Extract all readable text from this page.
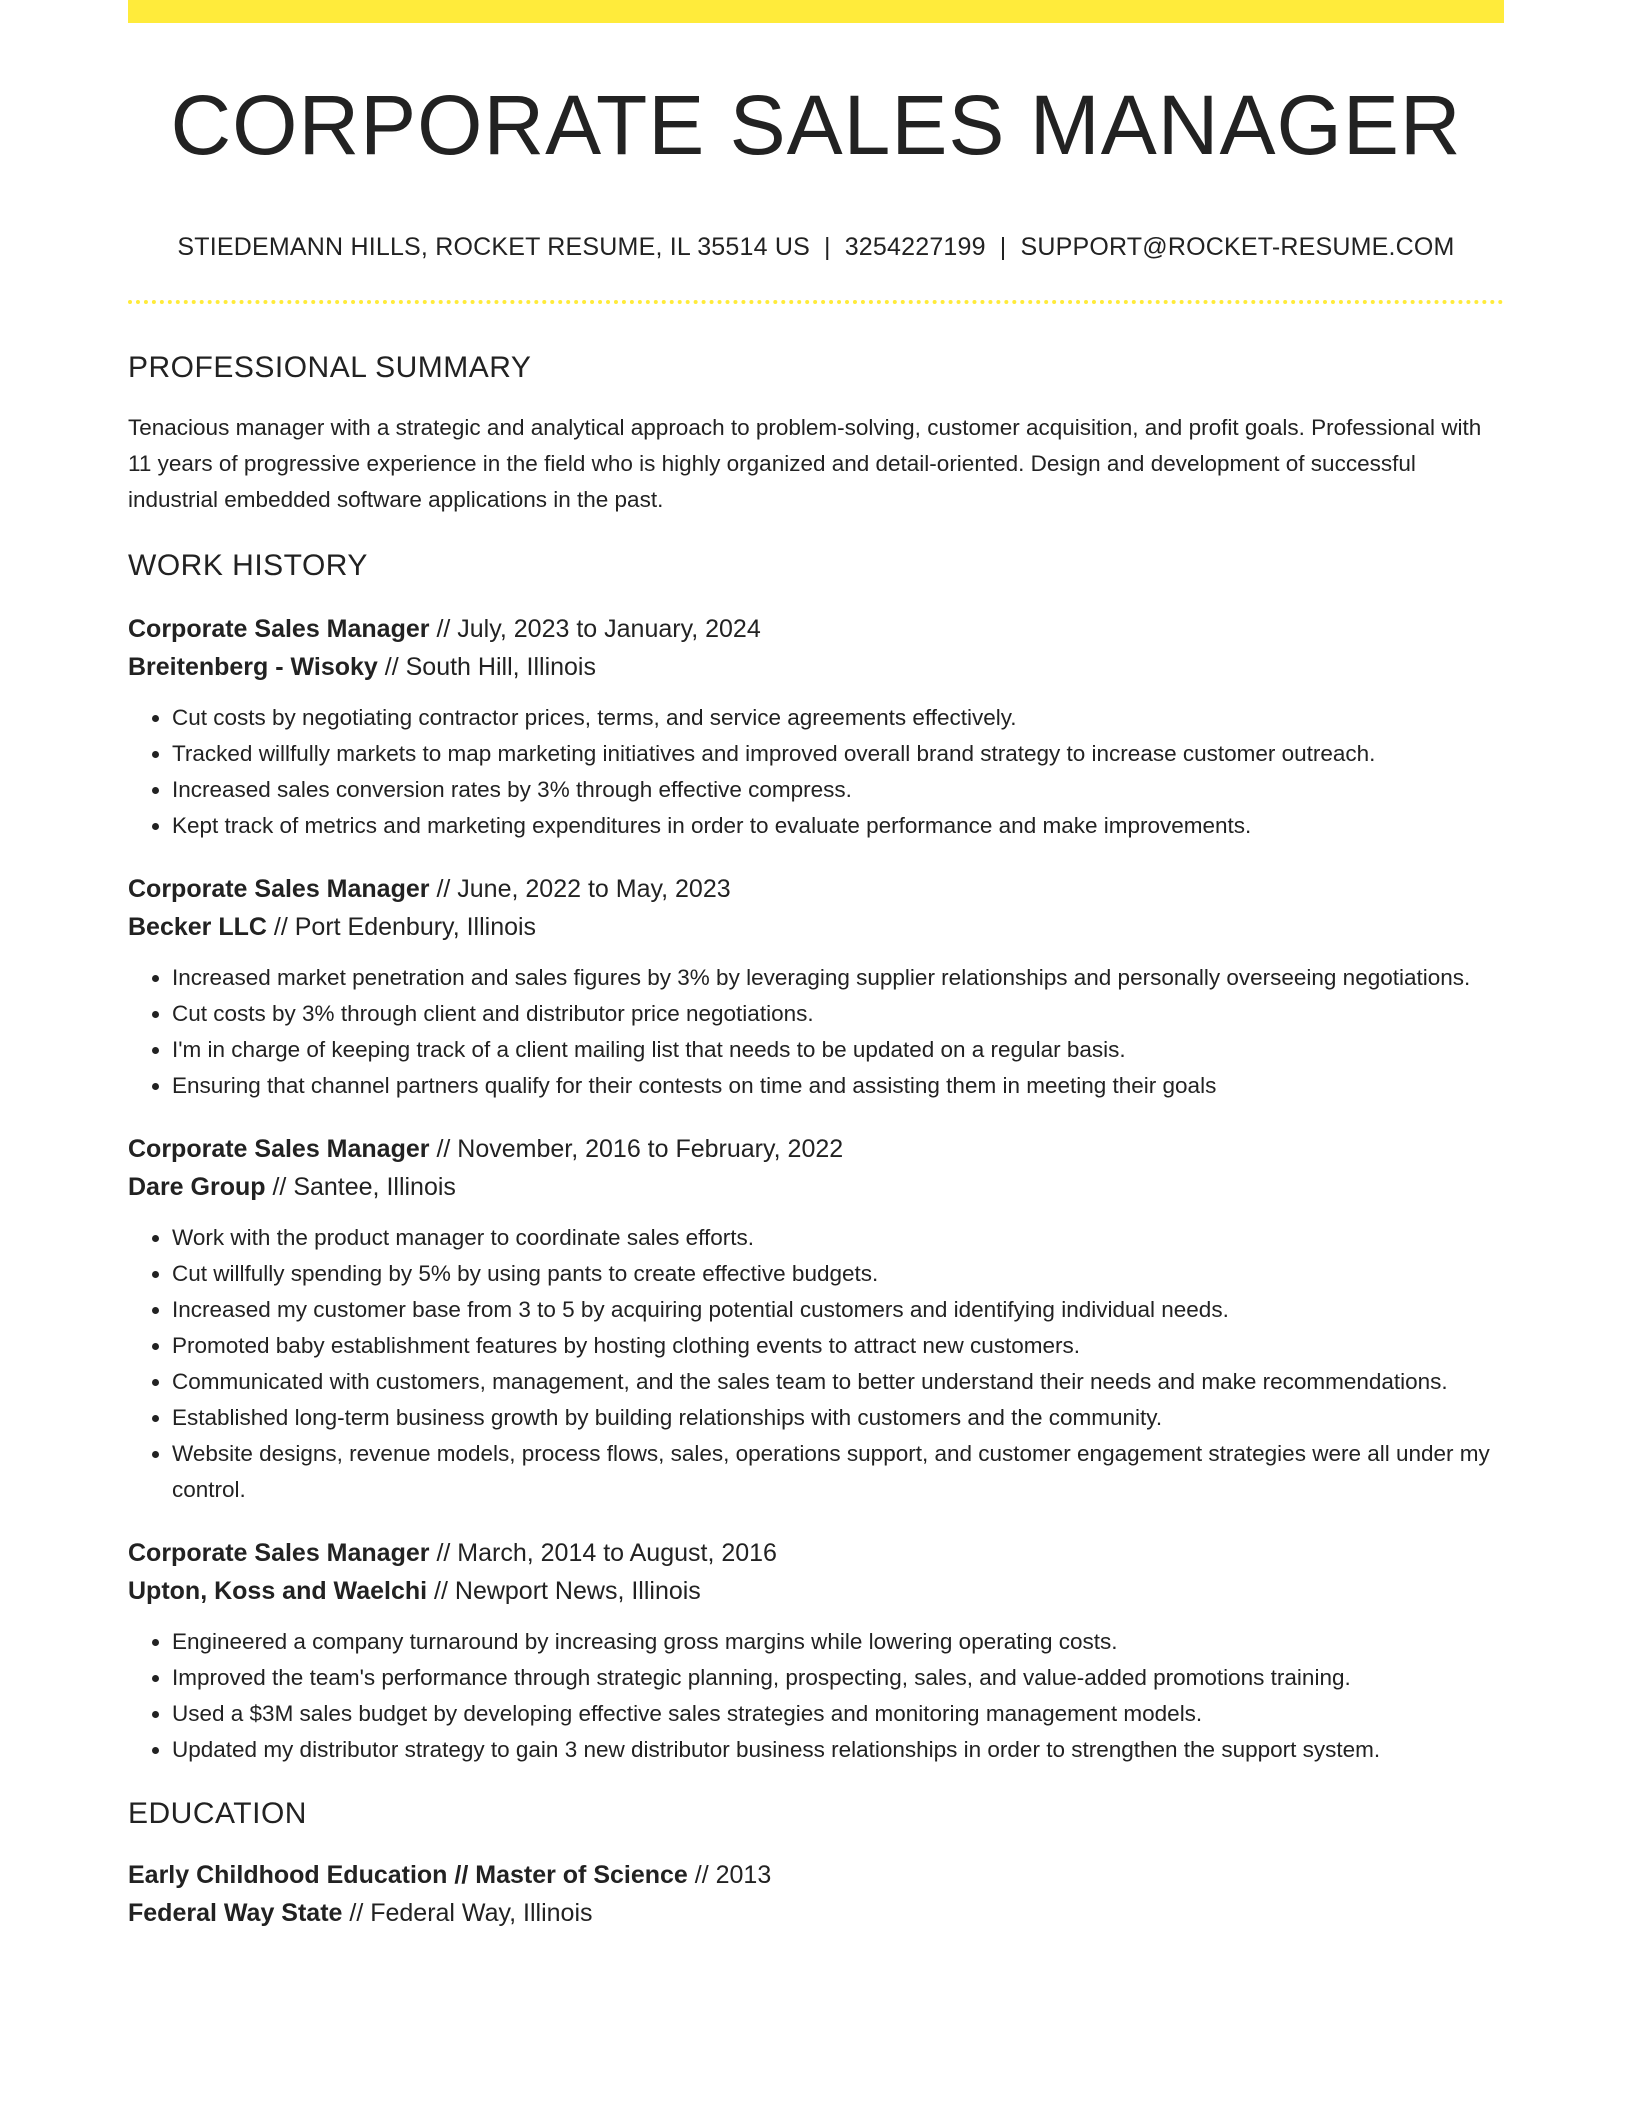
CORPORATE SALES MANAGER
STIEDEMANN HILLS, ROCKET RESUME, IL 35514 US | 3254227199 | SUPPORT@ROCKET-RESUME.COM
PROFESSIONAL SUMMARY

Tenacious manager with a strategic and analytical approach to problem-solving, customer acquisition, and profit goals. Professional with 11 years of progressive experience in the field who is highly organized and detail-oriented. Design and development of successful industrial embedded software applications in the past.

WORK HISTORY
Corporate Sales Manager // July, 2023 to January, 2024
Breitenberg - Wisoky // South Hill, Illinois
• Cut costs by negotiating contractor prices, terms, and service agreements effectively.
• Tracked willfully markets to map marketing initiatives and improved overall brand strategy to increase customer outreach.
• Increased sales conversion rates by 3% through effective compress.
• Kept track of metrics and marketing expenditures in order to evaluate performance and make improvements.
Corporate Sales Manager // June, 2022 to May, 2023
Becker LLC // Port Edenbury, Illinois
• Increased market penetration and sales figures by 3% by leveraging supplier relationships and personally overseeing negotiations.
• Cut costs by 3% through client and distributor price negotiations.
• I'm in charge of keeping track of a client mailing list that needs to be updated on a regular basis.
• Ensuring that channel partners qualify for their contests on time and assisting them in meeting their goals
Corporate Sales Manager // November, 2016 to February, 2022
Dare Group // Santee, Illinois
• Work with the product manager to coordinate sales efforts.
• Cut willfully spending by 5% by using pants to create effective budgets.
• Increased my customer base from 3 to 5 by acquiring potential customers and identifying individual needs.
• Promoted baby establishment features by hosting clothing events to attract new customers.
• Communicated with customers, management, and the sales team to better understand their needs and make recommendations.
• Established long-term business growth by building relationships with customers and the community.
• Website designs, revenue models, process flows, sales, operations support, and customer engagement strategies were all under my control.
Corporate Sales Manager // March, 2014 to August, 2016
Upton, Koss and Waelchi // Newport News, Illinois
• Engineered a company turnaround by increasing gross margins while lowering operating costs.
• Improved the team's performance through strategic planning, prospecting, sales, and value-added promotions training.
• Used a $3M sales budget by developing effective sales strategies and monitoring management models.
• Updated my distributor strategy to gain 3 new distributor business relationships in order to strengthen the support system.
EDUCATION
Early Childhood Education // Master of Science // 2013
Federal Way State // Federal Way, Illinois
